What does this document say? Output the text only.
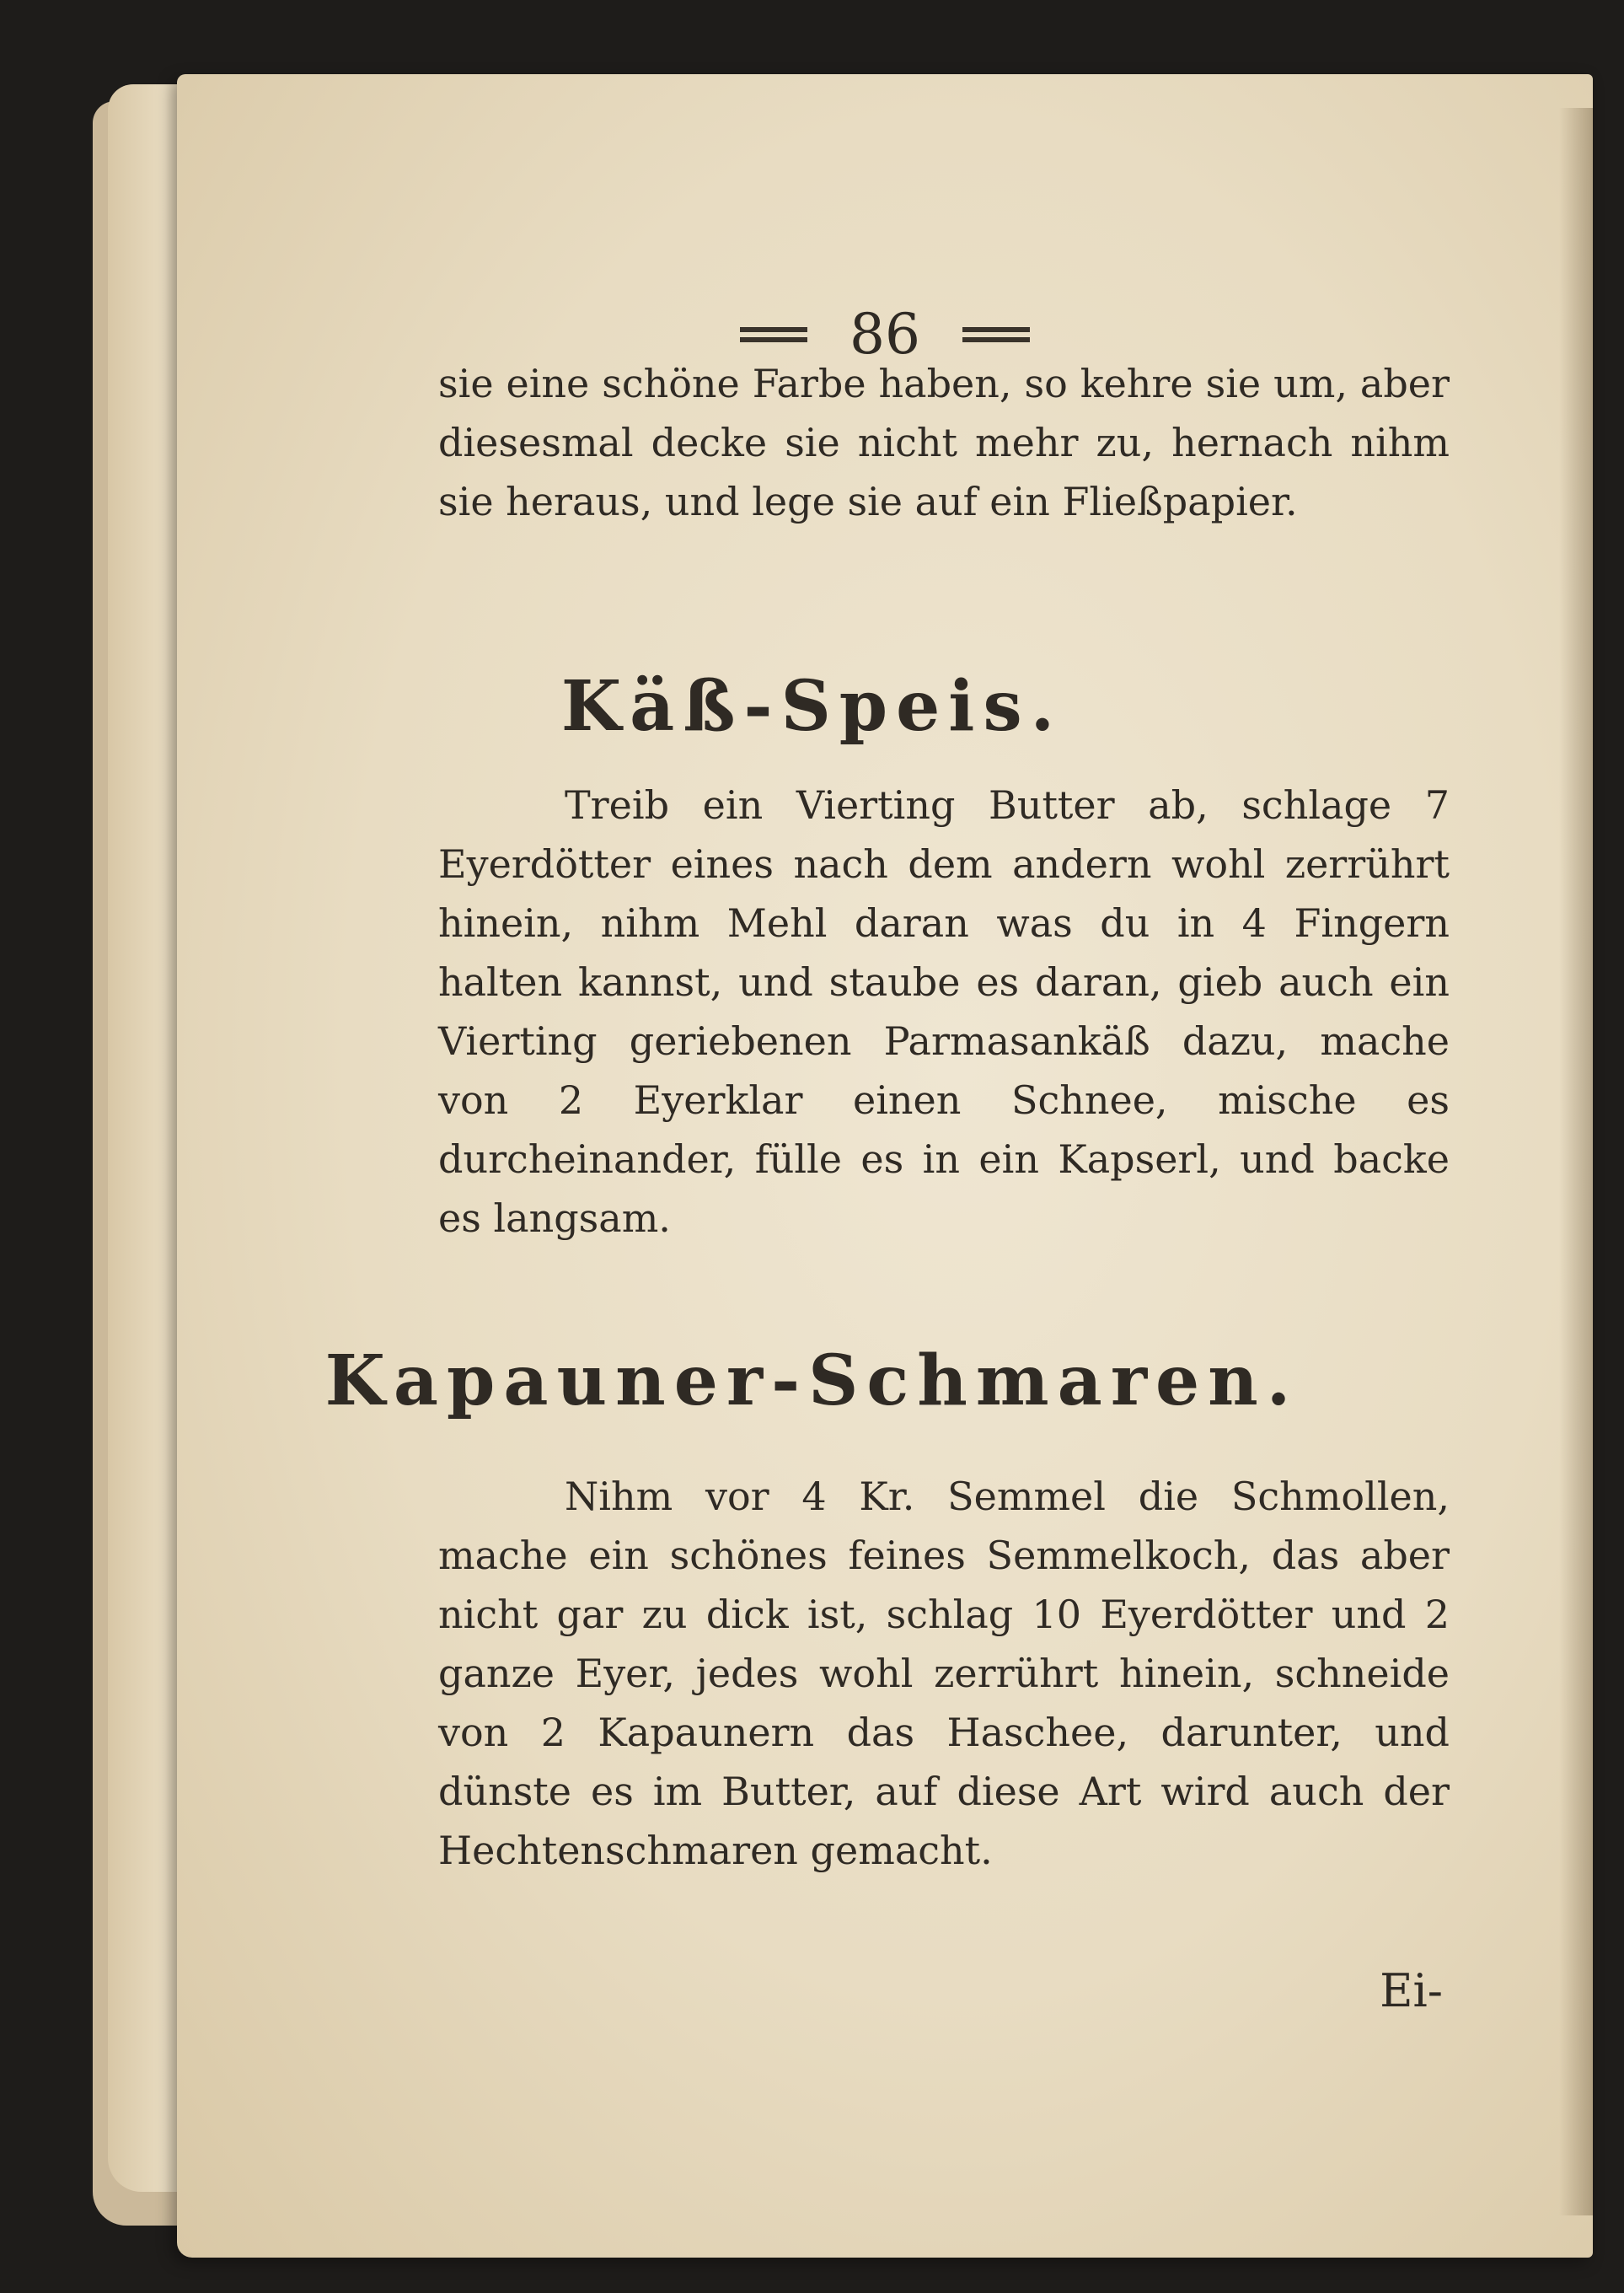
86

sie eine schöne Farbe haben, so kehre sie um, aber diesesmal decke sie nicht mehr zu, hernach nihm sie heraus, und lege sie auf ein Fließpapier.

Käß-Speis.

Treib ein Vierting Butter ab, schlage 7 Eyerdötter eines nach dem andern wohl zerrührt hinein, nihm Mehl daran was du in 4 Fingern halten kannst, und staube es daran, gieb auch ein Vierting geriebenen Parmasankäß dazu, mache von 2 Eyerklar einen Schnee, mische es durcheinander, fülle es in ein Kapserl, und backe es langsam.

Kapauner-Schmaren.

Nihm vor 4 Kr. Semmel die Schmollen, mache ein schönes feines Semmelkoch, das aber nicht gar zu dick ist, schlag 10 Eyerdötter und 2 ganze Eyer, jedes wohl zerrührt hinein, schneide von 2 Kapaunern das Haschee, darunter, und dünste es im Butter, auf diese Art wird auch der Hechtenschmaren gemacht.

Ei-
